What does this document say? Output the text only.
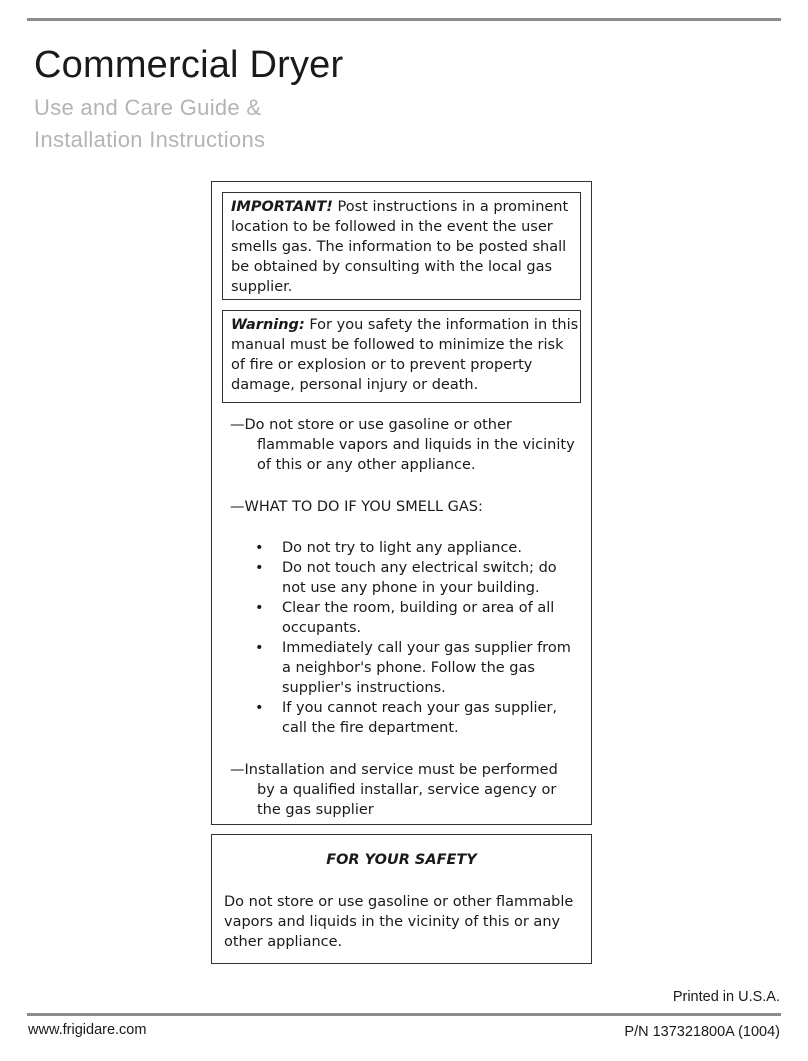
Commercial Dryer
Use and Care Guide &
Installation Instructions
IMPORTANT! Post instructions in a prominent location to be followed in the event the user smells gas. The information to be posted shall be obtained by consulting with the local gas supplier.
Warning: For you safety the information in this manual must be followed to minimize the risk of fire or explosion or to prevent property damage, personal injury or death.
—Do not store or use gasoline or other
flammable vapors and liquids in the vicinity of this or any other appliance.
—WHAT TO DO IF YOU SMELL GAS:
• Do not try to light any appliance.
• Do not touch any electrical switch; do not use any phone in your building.
• Clear the room, building or area of all occupants.
• Immediately call your gas supplier from a neighbor's phone. Follow the gas supplier's instructions.
• If you cannot reach your gas supplier, call the fire department.
—Installation and service must be performed
by a qualified installar, service agency or the gas supplier
FOR YOUR SAFETY
Do not store or use gasoline or other flammable vapors and liquids in the vicinity of this or any other appliance.
Printed in U.S.A.
www.frigidare.com	P/N 137321800A (1004)
